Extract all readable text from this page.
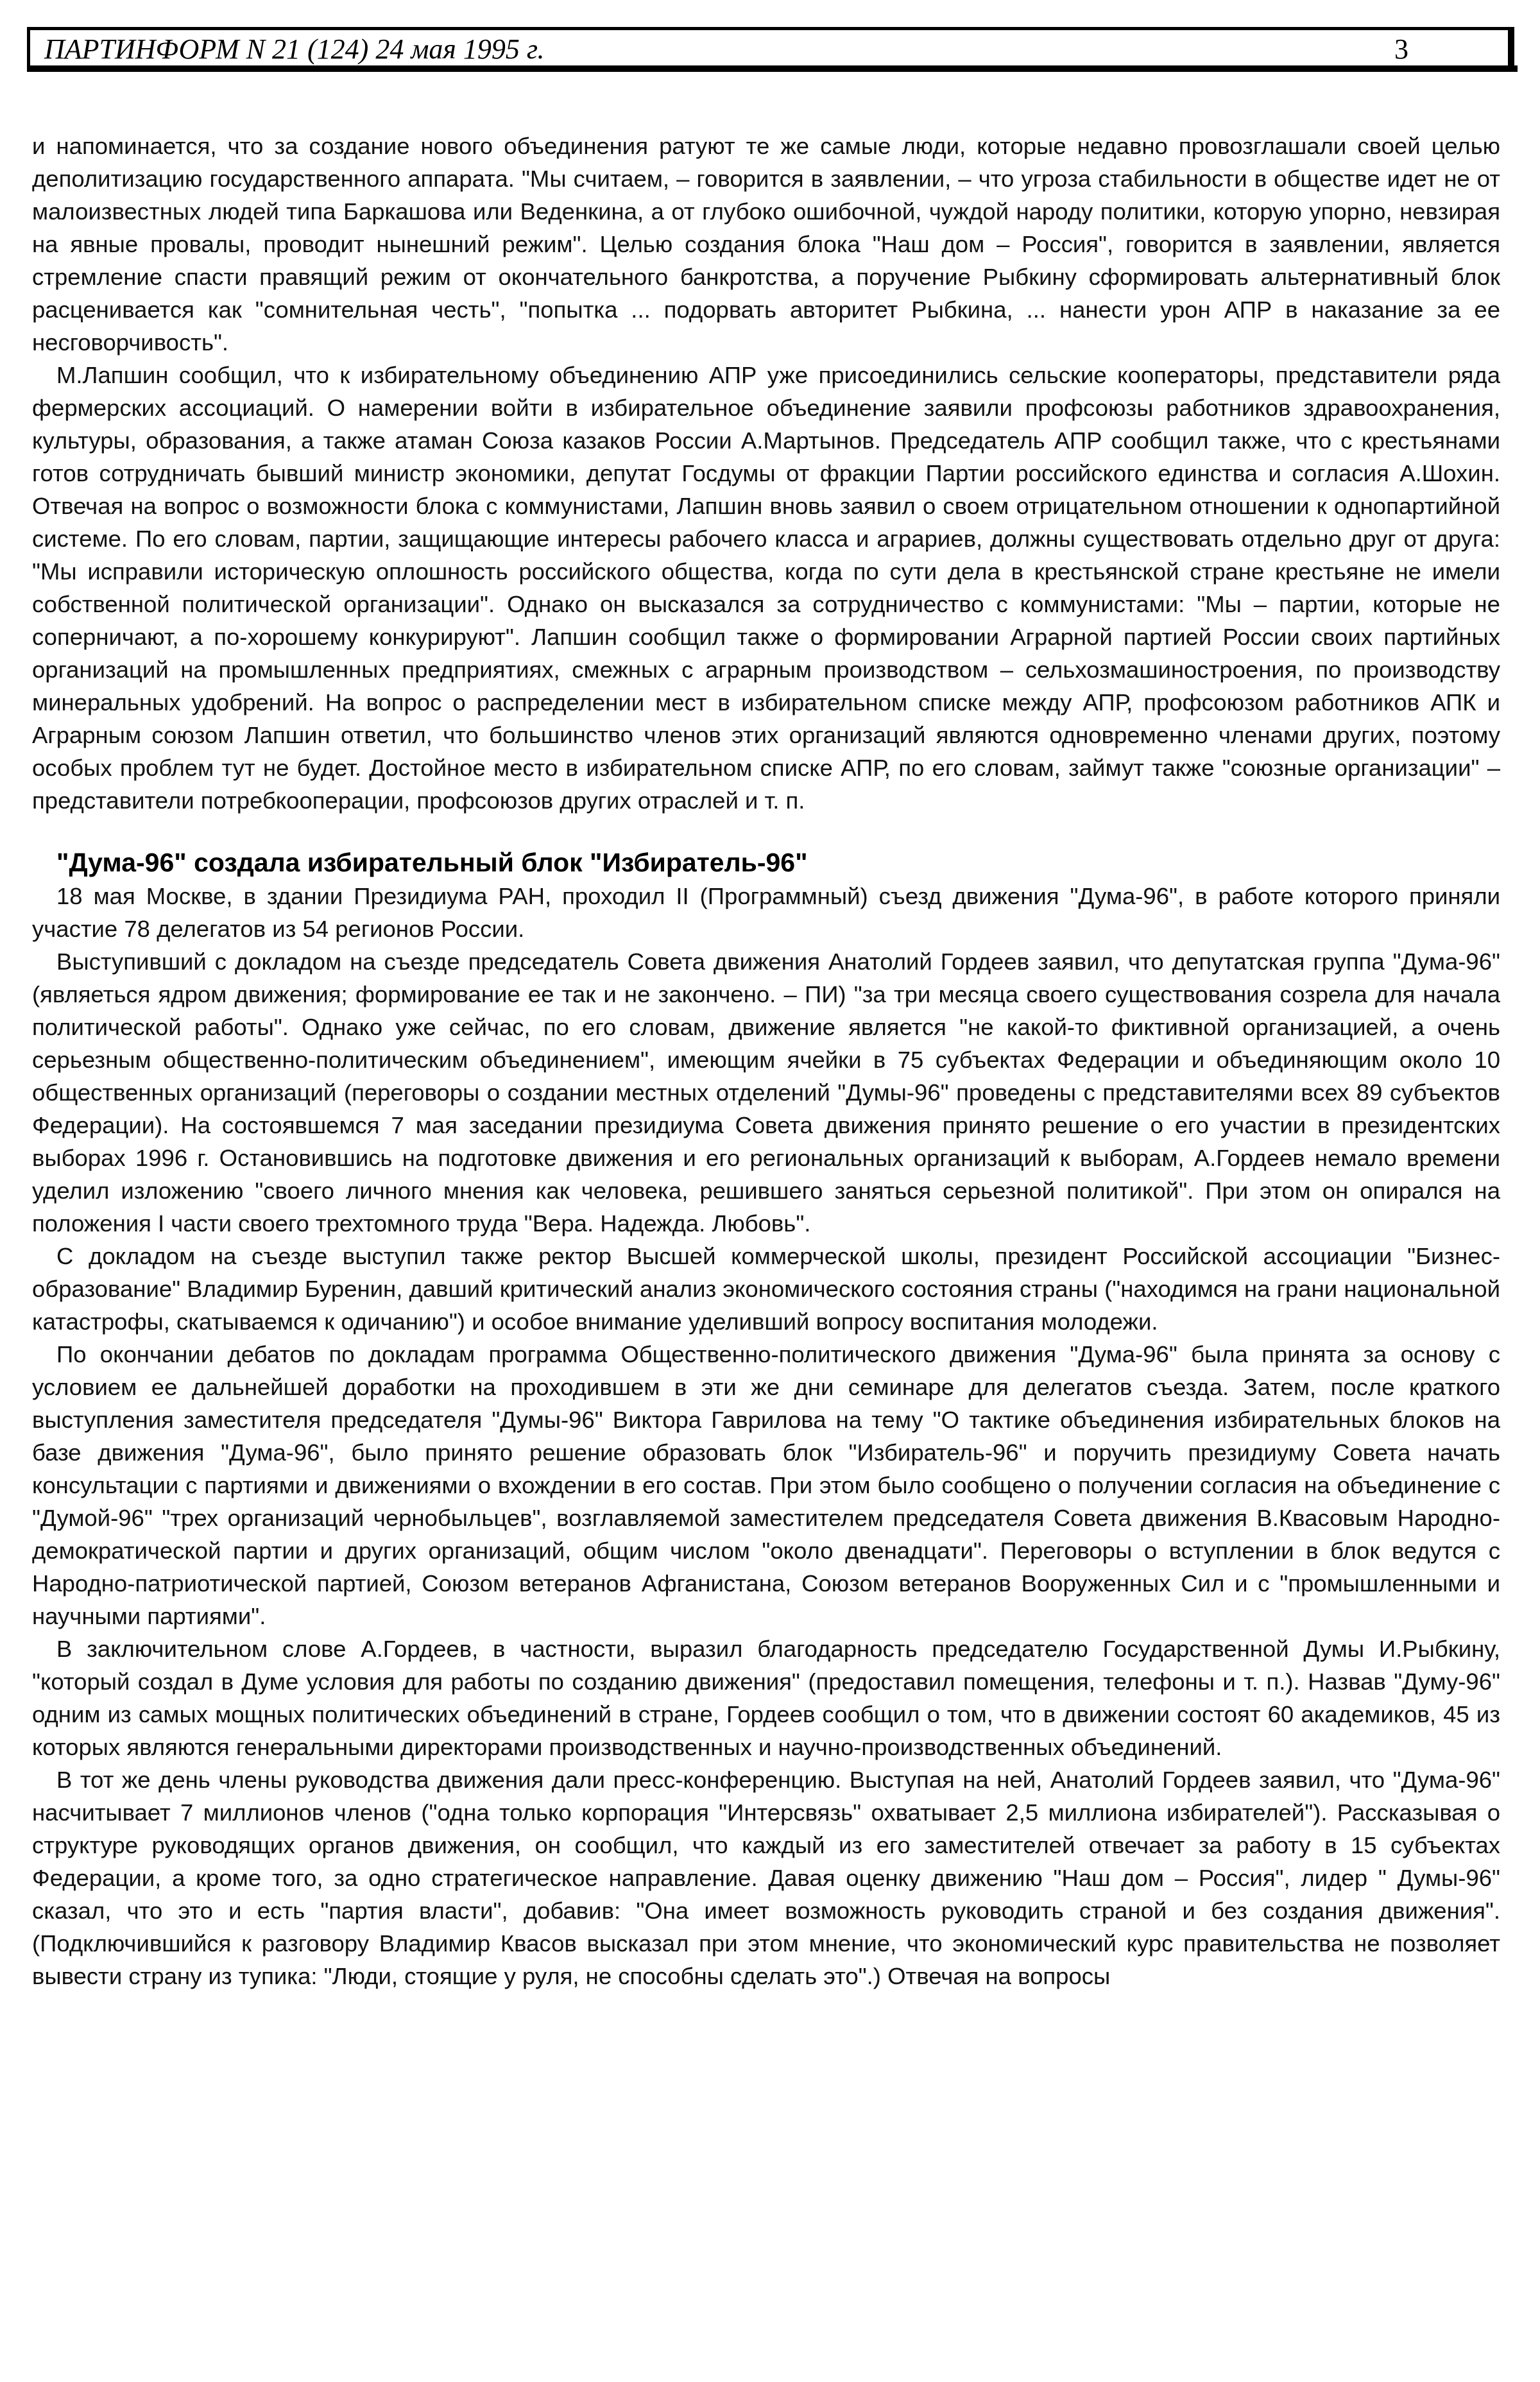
ПАРТИНФОРМ N 21 (124) 24 мая 1995 г.	3

и напоминается, что за создание нового объединения ратуют те же самые люди, которые недавно провозглашали своей целью деполитизацию государственного аппарата. "Мы считаем, – говорится в заявлении, – что угроза стабильности в обществе идет не от малоизвестных людей типа Баркашова или Веденкина, а от глубоко ошибочной, чуждой народу политики, которую упорно, невзирая на явные провалы, проводит нынешний режим". Целью создания блока "Наш дом – Россия", говорится в заявлении, является стремление спасти правящий режим от окончательного банкротства, а поручение Рыбкину сформировать альтернативный блок расценивается как "сомнительная честь", "попытка ... подорвать авторитет Рыбкина, ... нанести урон АПР в наказание за ее несговорчивость".

М.Лапшин сообщил, что к избирательному объединению АПР уже присоединились сельские кооператоры, представители ряда фермерских ассоциаций. О намерении войти в избирательное объединение заявили профсоюзы работников здравоохранения, культуры, образования, а также атаман Союза казаков России А.Мартынов. Председатель АПР сообщил также, что с крестьянами готов сотрудничать бывший министр экономики, депутат Госдумы от фракции Партии российского единства и согласия А.Шохин. Отвечая на вопрос о возможности блока с коммунистами, Лапшин вновь заявил о своем отрицательном отношении к однопартийной системе. По его словам, партии, защищающие интересы рабочего класса и аграриев, должны существовать отдельно друг от друга: "Мы исправили историческую оплошность российского общества, когда по сути дела в крестьянской стране крестьяне не имели собственной политической организации". Однако он высказался за сотрудничество с коммунистами: "Мы – партии, которые не соперничают, а по-хорошему конкурируют". Лапшин сообщил также о формировании Аграрной партией России своих партийных организаций на промышленных предприятиях, смежных с аграрным производством – сельхозмашиностроения, по производству минеральных удобрений. На вопрос о распределении мест в избирательном списке между АПР, профсоюзом работников АПК и Аграрным союзом Лапшин ответил, что большинство членов этих организаций являются одновременно членами других, поэтому особых проблем тут не будет. Достойное место в избирательном списке АПР, по его словам, займут также "союзные организации" – представители потребкооперации, профсоюзов других отраслей и т. п.

"Дума-96" создала избирательный блок "Избиратель-96"

18 мая Москве, в здании Президиума РАН, проходил II (Программный) съезд движения "Дума-96", в работе которого приняли участие 78 делегатов из 54 регионов России.

Выступивший с докладом на съезде председатель Совета движения Анатолий Гордеев заявил, что депутатская группа "Дума-96" (являеться ядром движения; формирование ее так и не закончено. – ПИ) "за три месяца своего существования созрела для начала политической работы". Однако уже сейчас, по его словам, движение является "не какой-то фиктивной организацией, а очень серьезным общественно-политическим объединением", имеющим ячейки в 75 субъектах Федерации и объединяющим около 10 общественных организаций (переговоры о создании местных отделений "Думы-96" проведены с представителями всех 89 субъектов Федерации). На состоявшемся 7 мая заседании президиума Совета движения принято решение о его участии в президентских выборах 1996 г. Остановившись на подготовке движения и его региональных организаций к выборам, А.Гордеев немало времени уделил изложению "своего личного мнения как человека, решившего заняться серьезной политикой". При этом он опирался на положения I части своего трехтомного труда "Вера. Надежда. Любовь".

С докладом на съезде выступил также ректор Высшей коммерческой школы, президент Российской ассоциации "Бизнес-образование" Владимир Буренин, давший критический анализ экономического состояния страны ("находимся на грани национальной катастрофы, скатываемся к одичанию") и особое внимание уделивший вопросу воспитания молодежи.

По окончании дебатов по докладам программа Общественно-политического движения "Дума-96" была принята за основу с условием ее дальнейшей доработки на проходившем в эти же дни семинаре для делегатов съезда. Затем, после краткого выступления заместителя председателя "Думы-96" Виктора Гаврилова на тему "О тактике объединения избирательных блоков на базе движения "Дума-96", было принято решение образовать блок "Избиратель-96" и поручить президиуму Совета начать консультации с партиями и движениями о вхождении в его состав. При этом было сообщено о получении согласия на объединение с "Думой-96" "трех организаций чернобыльцев", возглавляемой заместителем председателя Совета движения В.Квасовым Народно-демократической партии и других организаций, общим числом "около двенадцати". Переговоры о вступлении в блок ведутся с Народно-патриотической партией, Союзом ветеранов Афганистана, Союзом ветеранов Вооруженных Сил и с "промышленными и научными партиями".

В заключительном слове А.Гордеев, в частности, выразил благодарность председателю Государственной Думы И.Рыбкину, "который создал в Думе условия для работы по созданию движения" (предоставил помещения, телефоны и т. п.). Назвав "Думу-96" одним из самых мощных политических объединений в стране, Гордеев сообщил о том, что в движении состоят 60 академиков, 45 из которых являются генеральными директорами производственных и научно-производственных объединений.

В тот же день члены руководства движения дали пресс-конференцию. Выступая на ней, Анатолий Гордеев заявил, что "Дума-96" насчитывает 7 миллионов членов ("одна только корпорация "Интерсвязь" охватывает 2,5 миллиона избирателей"). Рассказывая о структуре руководящих органов движения, он сообщил, что каждый из его заместителей отвечает за работу в 15 субъектах Федерации, а кроме того, за одно стратегическое направление. Давая оценку движению "Наш дом – Россия", лидер " Думы-96" сказал, что это и есть "партия власти", добавив: "Она имеет возможность руководить страной и без создания движения". (Подключившийся к разговору Владимир Квасов высказал при этом мнение, что экономический курс правительства не позволяет вывести страну из тупика: "Люди, стоящие у руля, не способны сделать это".) Отвечая на вопросы
